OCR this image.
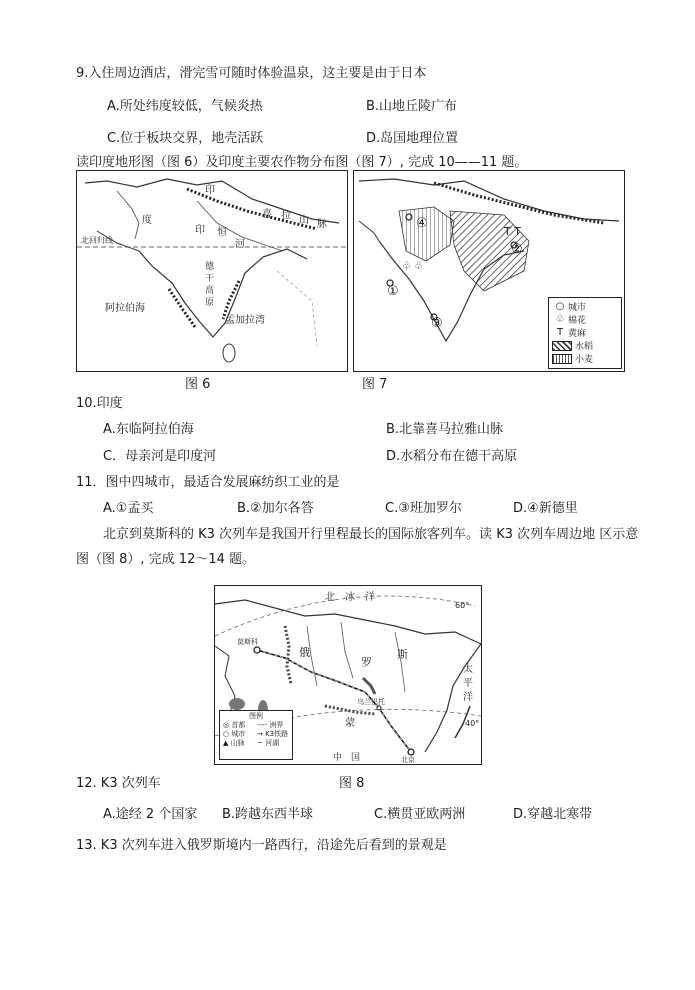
9.入住周边酒店，滑完雪可随时体验温泉，这主要是由于日本
A.所处纬度较低，气候炎热	B.山地丘陵广布
C.位于板块交界，地壳活跃	D.岛国地理位置
读印度地形图（图 6）及印度主要农作物分布图（图 7）, 完成 10——11 题。
印
度
印
恒
河
喜 拉 山 脉
北回归线
阿拉伯海
孟加拉湾
德
干
高
原
T T
♧ ♧
④
①
②
③
○ 城市
♧ 棉花
T 黄麻
水稻
小麦
图 6	图 7
10.印度
A.东临阿拉伯海	B.北靠喜马拉雅山脉
C．母亲河是印度河	D.水稻分布在德干高原
11．图中四城市，最适合发展麻纺织工业的是
A.①孟买	B.②加尔各答	C.③班加罗尔	D.④新德里
北京到莫斯科的 K3 次列车是我国开行里程最长的国际旅客列车。读 K3 次列车周边地 区示意
图（图 8）, 完成 12～14 题。
北　冰　洋
太
平
洋
俄
罗
斯
蒙
中　国
60°
40°
莫斯科
北京
乌兰巴托
图例
◎ 首都	---- 洲界
○ 城市	→ K3铁路
▲ 山脉	~ 河湖
图 8
12. K3 次列车
A.途经 2 个国家 B.跨越东西半球	C.横贯亚欧两洲	D.穿越北寒带
13. K3 次列车进入俄罗斯境内一路西行，沿途先后看到的景观是
